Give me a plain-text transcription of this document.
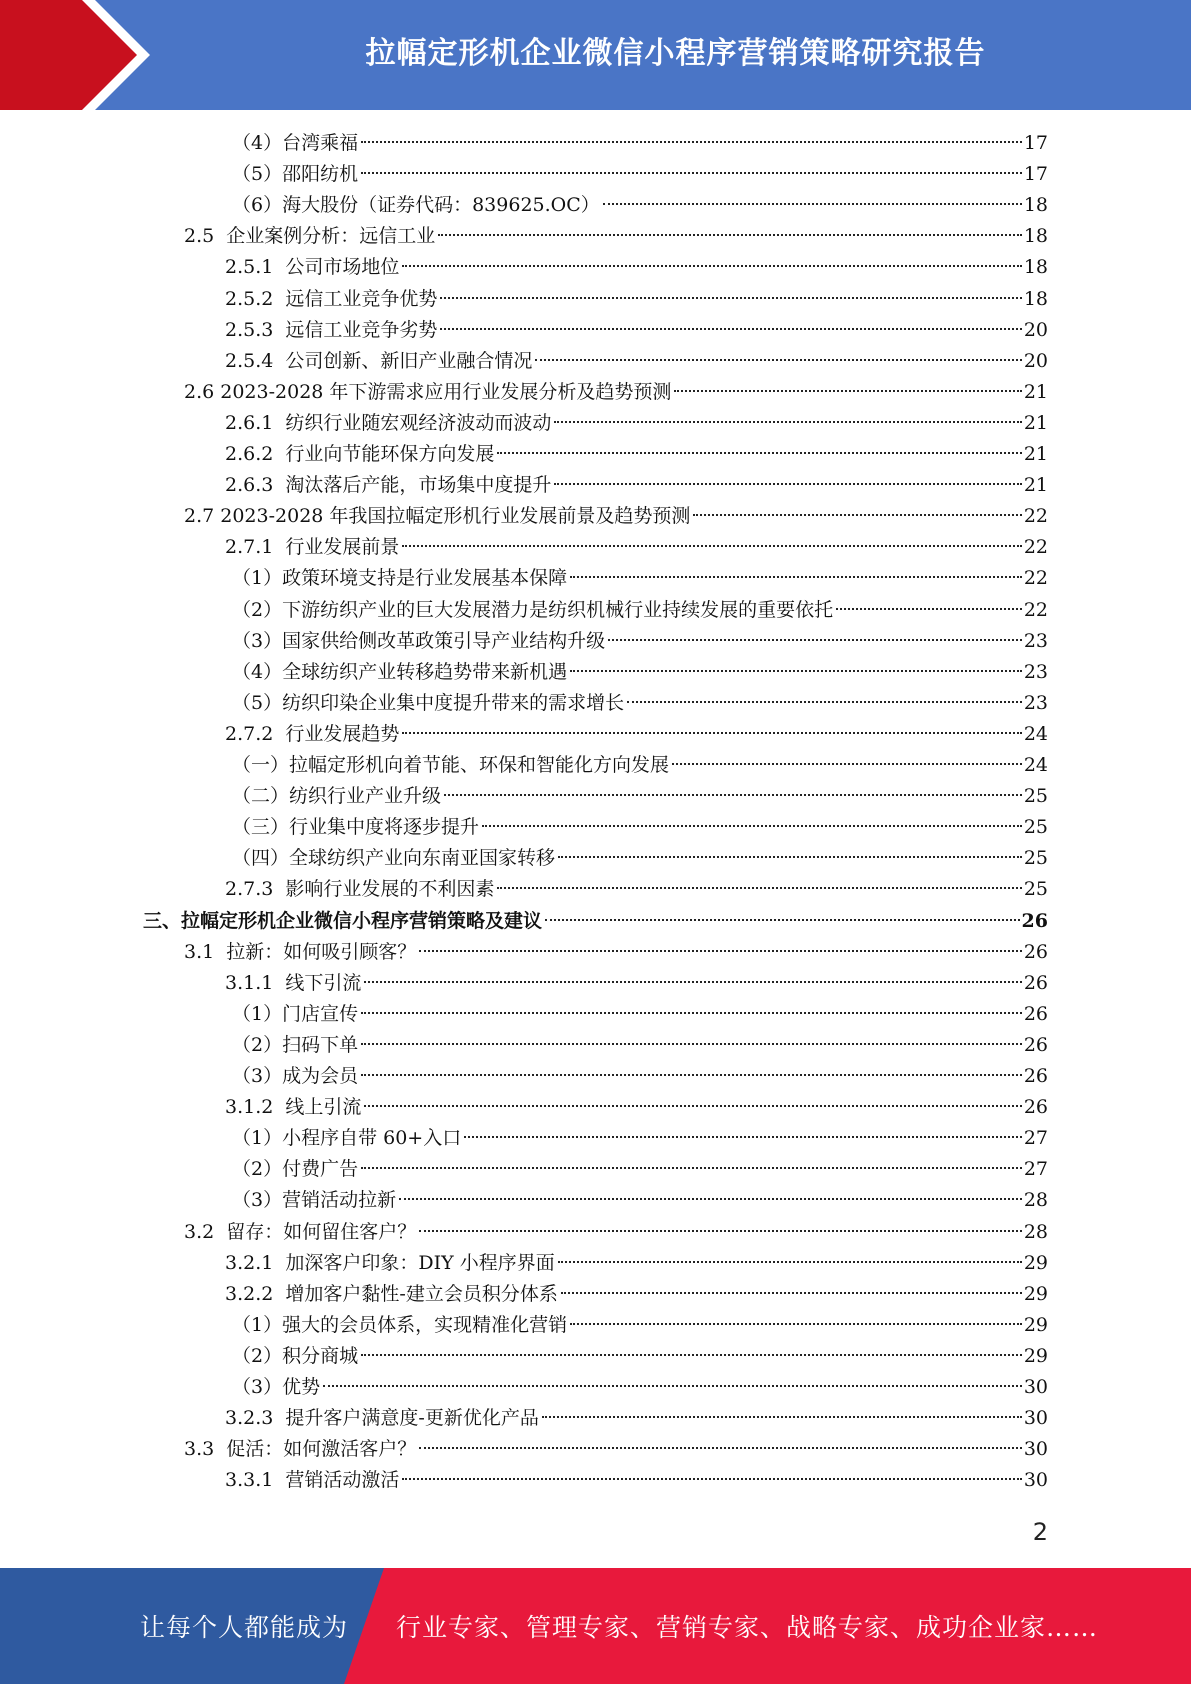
拉幅定形机企业微信小程序营销策略研究报告
（4）台湾乘福	17
（5）邵阳纺机	17
（6）海大股份（证券代码：839625.OC）	18
2.5  企业案例分析：远信工业	18
2.5.1  公司市场地位	18
2.5.2  远信工业竞争优势	18
2.5.3  远信工业竞争劣势	20
2.5.4  公司创新、新旧产业融合情况	20
2.6 2023-2028 年下游需求应用行业发展分析及趋势预测	21
2.6.1  纺织行业随宏观经济波动而波动	21
2.6.2  行业向节能环保方向发展	21
2.6.3  淘汰落后产能，市场集中度提升	21
2.7 2023-2028 年我国拉幅定形机行业发展前景及趋势预测	22
2.7.1  行业发展前景	22
（1）政策环境支持是行业发展基本保障	22
（2）下游纺织产业的巨大发展潜力是纺织机械行业持续发展的重要依托	22
（3）国家供给侧改革政策引导产业结构升级	23
（4）全球纺织产业转移趋势带来新机遇	23
（5）纺织印染企业集中度提升带来的需求增长	23
2.7.2  行业发展趋势	24
（一）拉幅定形机向着节能、环保和智能化方向发展	24
（二）纺织行业产业升级	25
（三）行业集中度将逐步提升	25
（四）全球纺织产业向东南亚国家转移	25
2.7.3  影响行业发展的不利因素	25
三、拉幅定形机企业微信小程序营销策略及建议	26
3.1  拉新：如何吸引顾客？	26
3.1.1  线下引流	26
（1）门店宣传	26
（2）扫码下单	26
（3）成为会员	26
3.1.2  线上引流	26
（1）小程序自带 60+入口	27
（2）付费广告	27
（3）营销活动拉新	28
3.2  留存：如何留住客户？	28
3.2.1  加深客户印象：DIY 小程序界面	29
3.2.2  增加客户黏性-建立会员积分体系	29
（1）强大的会员体系，实现精准化营销	29
（2）积分商城	29
（3）优势	30
3.2.3  提升客户满意度-更新优化产品	30
3.3  促活：如何激活客户？	30
3.3.1  营销活动激活	30
2
让每个人都能成为 行业专家、管理专家、营销专家、战略专家、成功企业家……
